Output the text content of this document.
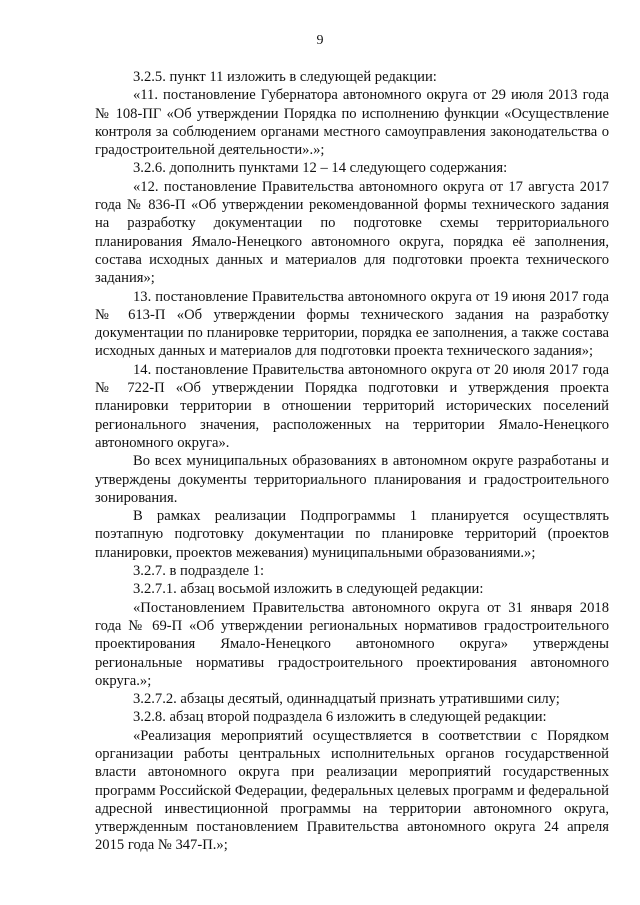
9

3.2.5. пункт 11 изложить в следующей редакции:

«11. постановление Губернатора автономного округа от 29 июля 2013 года № 108-ПГ «Об утверждении Порядка по исполнению функции «Осуществление контроля за соблюдением органами местного самоуправления законодательства о градостроительной деятельности».»;

3.2.6. дополнить пунктами 12 – 14 следующего содержания:

«12. постановление Правительства автономного округа от 17 августа 2017 года № 836-П «Об утверждении рекомендованной формы технического задания на разработку документации по подготовке схемы территориального планирования Ямало-Ненецкого автономного округа, порядка её заполнения, состава исходных данных и материалов для подготовки проекта технического задания»;

13. постановление Правительства автономного округа от 19 июня 2017 года № 613-П «Об утверждении формы технического задания на разработку документации по планировке территории, порядка ее заполнения, а также состава исходных данных и материалов для подготовки проекта технического задания»;

14. постановление Правительства автономного округа от 20 июля 2017 года № 722-П «Об утверждении Порядка подготовки и утверждения проекта планировки территории в отношении территорий исторических поселений регионального значения, расположенных на территории Ямало-Ненецкого автономного округа».

Во всех муниципальных образованиях в автономном округе разработаны и утверждены документы территориального планирования и градостроительного зонирования.

В рамках реализации Подпрограммы 1 планируется осуществлять поэтапную подготовку документации по планировке территорий (проектов планировки, проектов межевания) муниципальными образованиями.»;

3.2.7. в подразделе 1:

3.2.7.1. абзац восьмой изложить в следующей редакции:

«Постановлением Правительства автономного округа от 31 января 2018 года № 69-П «Об утверждении региональных нормативов градостроительного проектирования Ямало-Ненецкого автономного округа» утверждены региональные нормативы градостроительного проектирования автономного округа.»;

3.2.7.2. абзацы десятый, одиннадцатый признать утратившими силу;

3.2.8. абзац второй подраздела 6 изложить в следующей редакции:

«Реализация мероприятий осуществляется в соответствии с Порядком организации работы центральных исполнительных органов государственной власти автономного округа при реализации мероприятий государственных программ Российской Федерации, федеральных целевых программ и федеральной адресной инвестиционной программы на территории автономного округа, утвержденным постановлением Правительства автономного округа 24 апреля 2015 года № 347-П.»;
